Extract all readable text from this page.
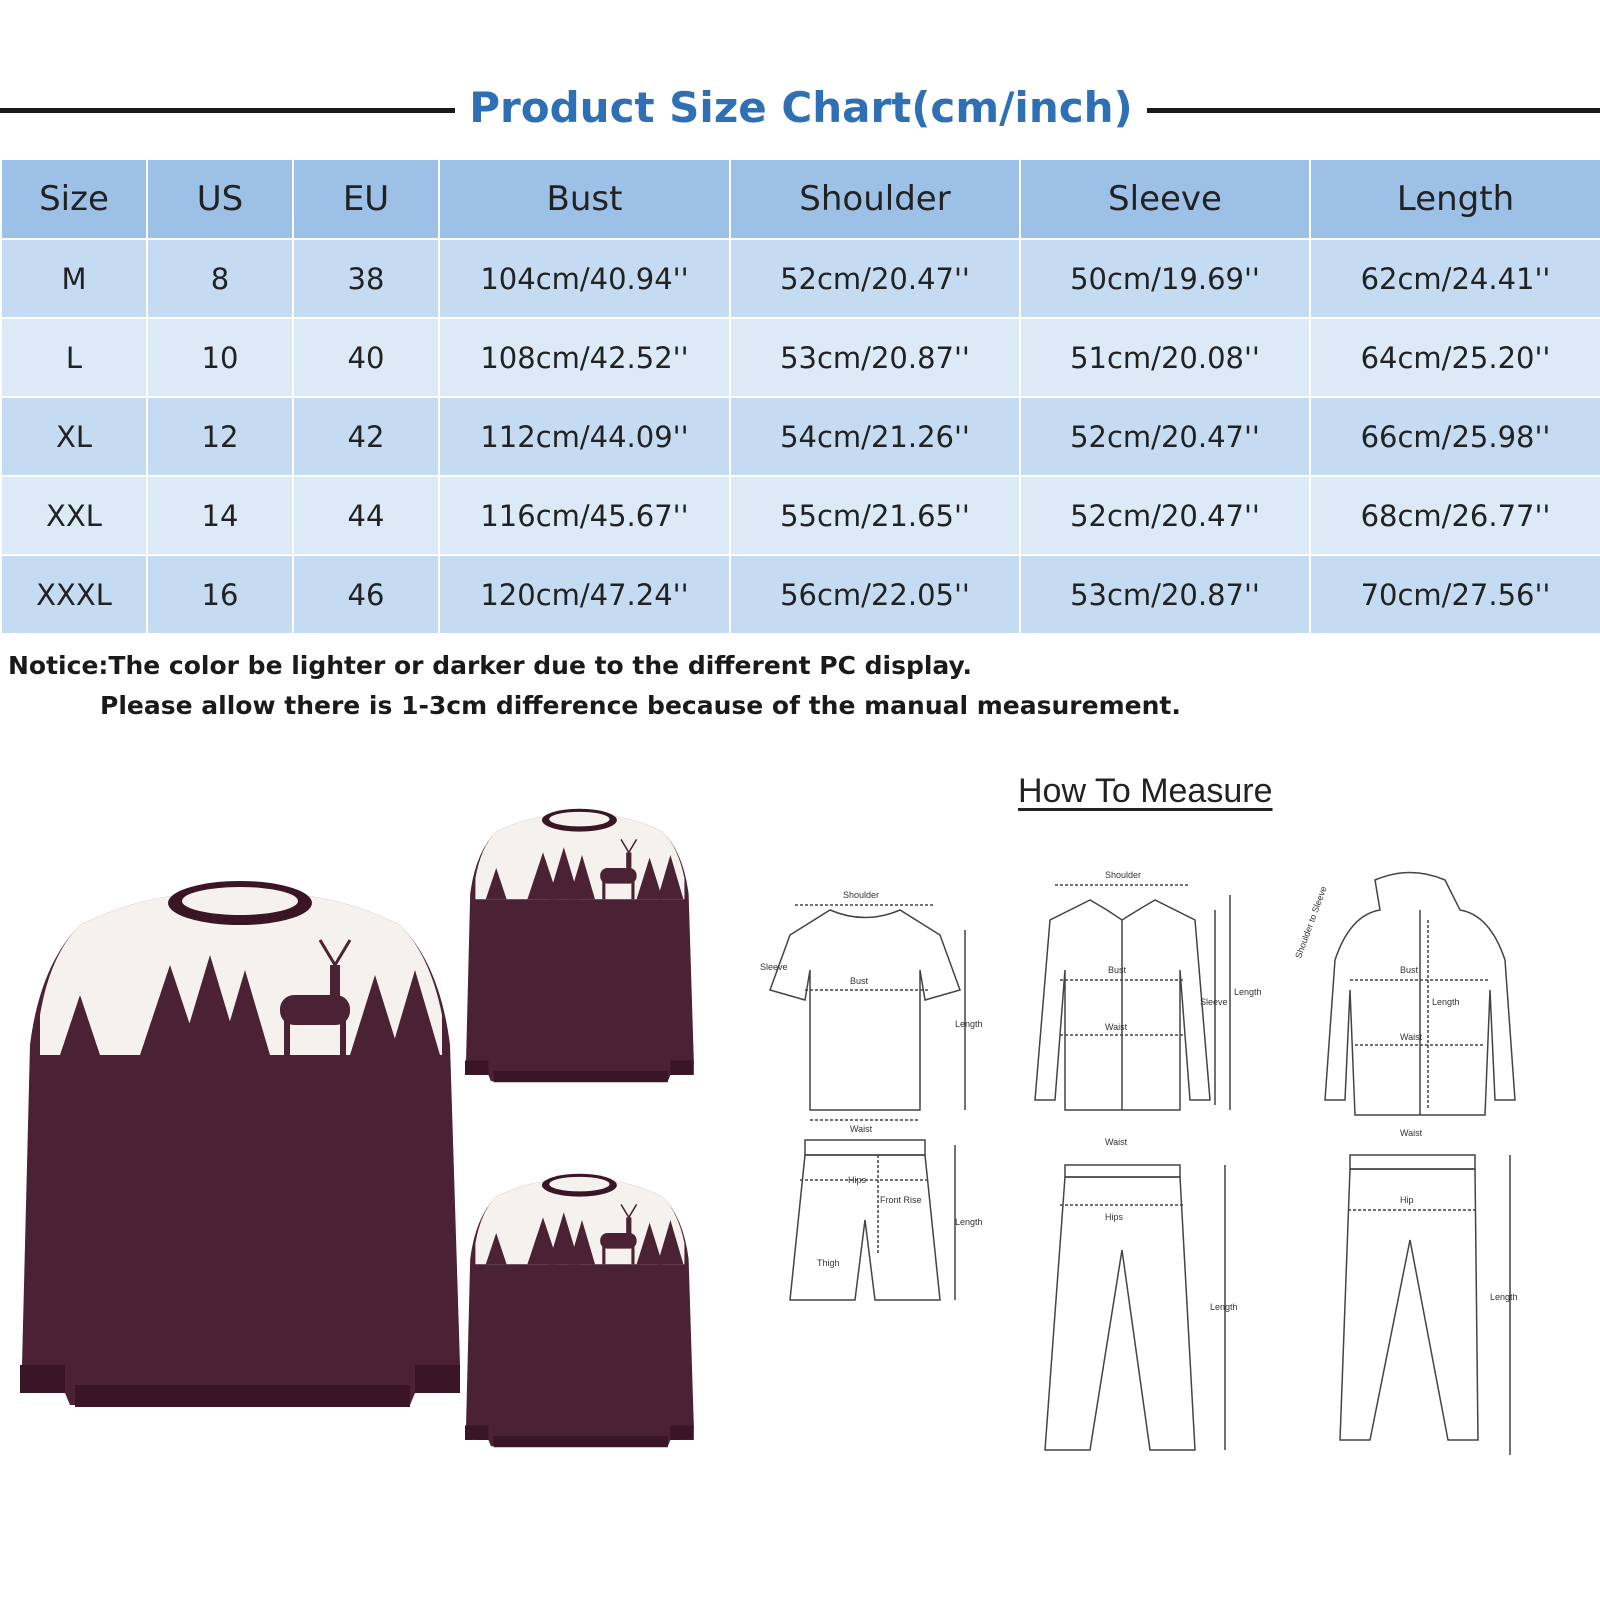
Product Size Chart(cm/inch)
Size	US	EU	Bust	Shoulder	Sleeve	Length
M	8	38	104cm/40.94''	52cm/20.47''	50cm/19.69''	62cm/24.41''
L	10	40	108cm/42.52''	53cm/20.87''	51cm/20.08''	64cm/25.20''
XL	12	42	112cm/44.09''	54cm/21.26''	52cm/20.47''	66cm/25.98''
XXL	14	44	116cm/45.67''	55cm/21.65''	52cm/20.47''	68cm/26.77''
XXXL	16	46	120cm/47.24''	56cm/22.05''	53cm/20.87''	70cm/27.56''
Notice:The color be lighter or darker due to the different PC display.
Please allow there is 1-3cm difference because of the manual measurement.
How To Measure
Shoulder
Sleeve
Bust
Length
Waist
Hips
Front Rise
Thigh
Length
Shoulder
Bust
Waist
Sleeve
Length
Waist
Hips
Length
Shoulder to Sleeve
Bust
Length
Waist
Waist
Hip
Length
